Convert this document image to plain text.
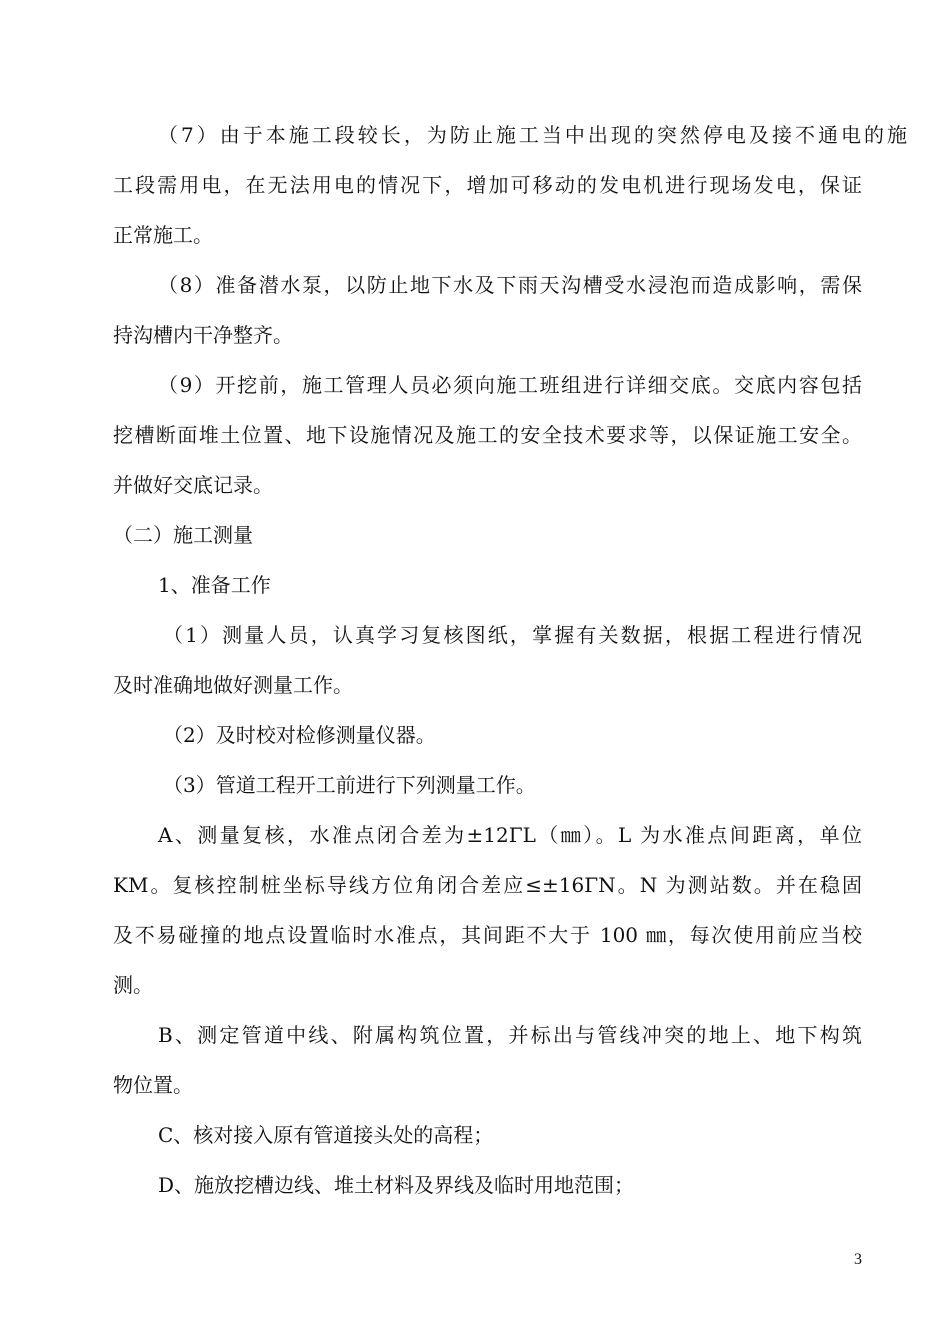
（7）由于本施工段较长，为防止施工当中出现的突然停电及接不通电的施
工段需用电，在无法用电的情况下，增加可移动的发电机进行现场发电，保证
正常施工。
（8）准备潜水泵，以防止地下水及下雨天沟槽受水浸泡而造成影响，需保
持沟槽内干净整齐。
（9）开挖前，施工管理人员必须向施工班组进行详细交底。交底内容包括
挖槽断面堆土位置、地下设施情况及施工的安全技术要求等，以保证施工安全。
并做好交底记录。
（二）施工测量
1、准备工作
（1）测量人员，认真学习复核图纸，掌握有关数据，根据工程进行情况
及时准确地做好测量工作。
（2）及时校对检修测量仪器。
（3）管道工程开工前进行下列测量工作。
A、测量复核，水准点闭合差为±12ΓL（㎜）。L 为水准点间距离，单位
KM。复核控制桩坐标导线方位角闭合差应≤±16ΓN。N 为测站数。并在稳固
及不易碰撞的地点设置临时水准点，其间距不大于 100 ㎜，每次使用前应当校
测。
B、测定管道中线、附属构筑位置，并标出与管线冲突的地上、地下构筑
物位置。
C、核对接入原有管道接头处的高程；
D、施放挖槽边线、堆土材料及界线及临时用地范围；
3
